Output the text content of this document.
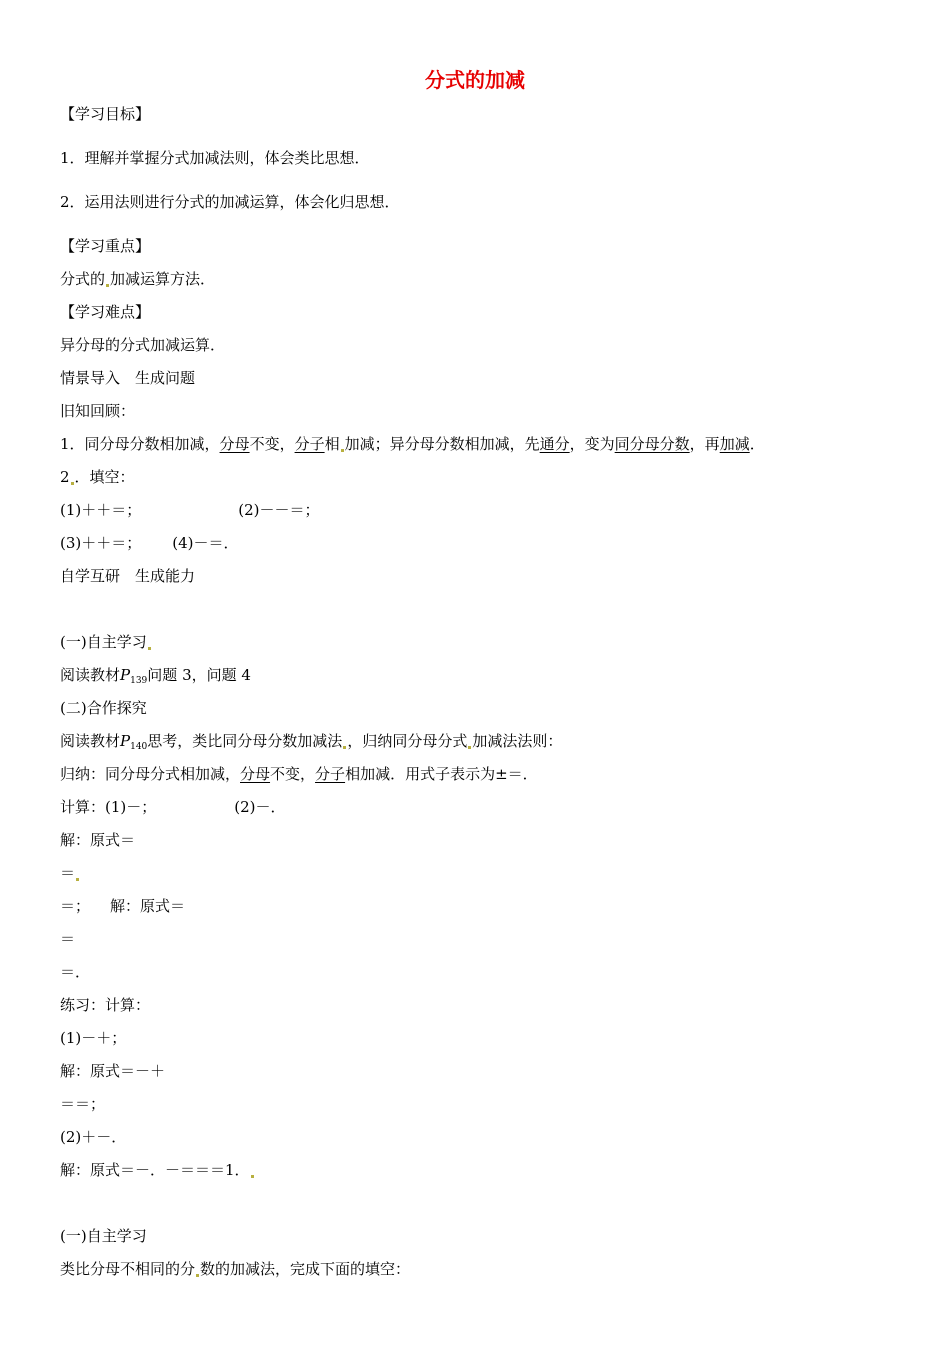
分式的加减
【学习目标】
1．理解并掌握分式加减法则，体会类比思想．
2．运用法则进行分式的加减运算，体会化归思想．
【学习重点】
分式的 加减运算方法．
【学习难点】
异分母的分式加减运算．
情景导入　生成问题
旧知回顾：
1．同分母分数相加减，分母不变，分子相 加减；异分母分数相加减，先通分，变为同分母分数，再加减．
2 ．填空：
(1)＋＋＝；	(2)－－＝；
(3)＋＋＝； (4)－＝．
自学互研　生成能力
(一)自主学习
阅读教材$P_{139}$问题 3，问题 4
(二)合作探究
阅读教材$P_{140}$思考，类比同分母分数加减法 ，归纳同分母分式 加减法法则：
归纳：同分母分式相加减，分母不变，分子相加减．用式子表示为±＝．
计算：(1)－；	(2)－．
解：原式＝
＝
＝； 解：原式＝
＝
＝．
练习：计算：
(1)－＋；
解：原式＝－＋
＝＝；
(2)＋－．
解：原式＝－．－＝＝＝1．
(一)自主学习
类比分母不相同的分 数的加减法，完成下面的填空：
